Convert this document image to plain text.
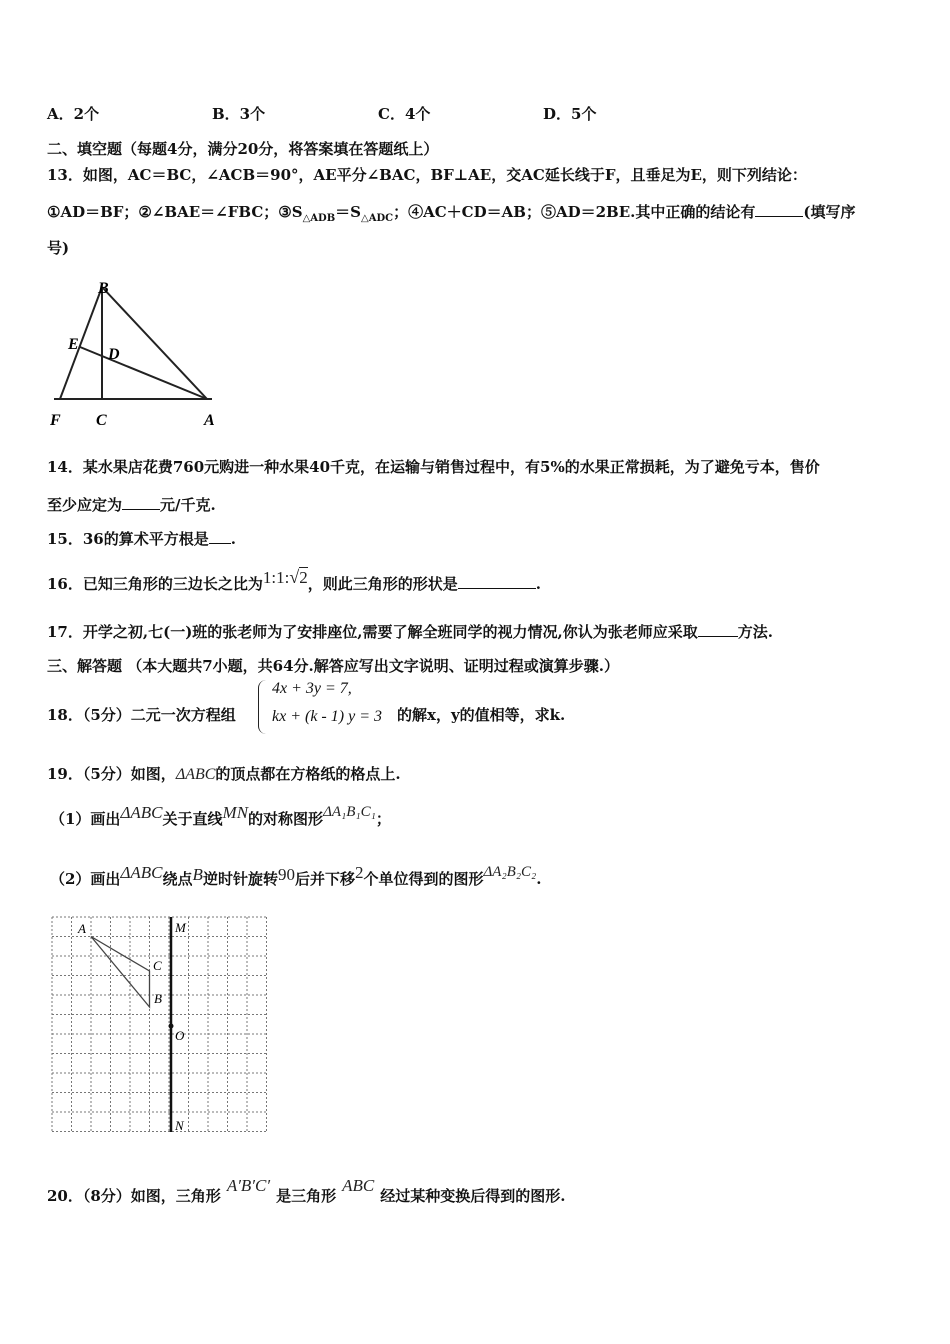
A．2个	B．3个	C．4个	D．5个
二、填空题（每题4分，满分20分，将答案填在答题纸上）
13．如图，AC＝BC，∠ACB＝90°，AE平分∠BAC，BF⊥AE，交AC延长线于F，且垂足为E，则下列结论：
①AD＝BF；②∠BAE＝∠FBC；$③S_{\triangle ADB}=S_{\triangle ADC}$；④AC＋CD＝AB；⑤AD＝2BE.其中正确的结论有	(填写序
号)
B
E
D
F C	A
14．某水果店花费760元购进一种水果40千克，在运输与销售过程中，有5%的水果正常损耗，为了避免亏本，售价
至少应定为	元/千克.
15．36的算术平方根是 .
16．已知三角形的三边长之比为1:1:√2，则此三角形的形状是	.
17．开学之初,七(一)班的张老师为了安排座位,需要了解全班同学的视力情况,你认为张老师应采取	方法.
三、解答题 （本大题共7小题，共64分.解答应写出文字说明、证明过程或演算步骤.）
18．（5分）二元一次方程组
4x + 3y = 7,
kx + (k - 1) y = 3 的解x，y的值相等，求k.
19．（5分）如图，ΔABC的顶点都在方格纸的格点上.
（1）画出ΔABC关于直线MN的对称图形ΔA₁B₁C₁；
（2）画出ΔABC绕点B逆时针旋转90后并下移2个单位得到的图形ΔA₂B₂C₂.
A
C
B
M
O
N
20．（8分）如图，三角形A′B′C′是三角形ABC经过某种变换后得到的图形.
